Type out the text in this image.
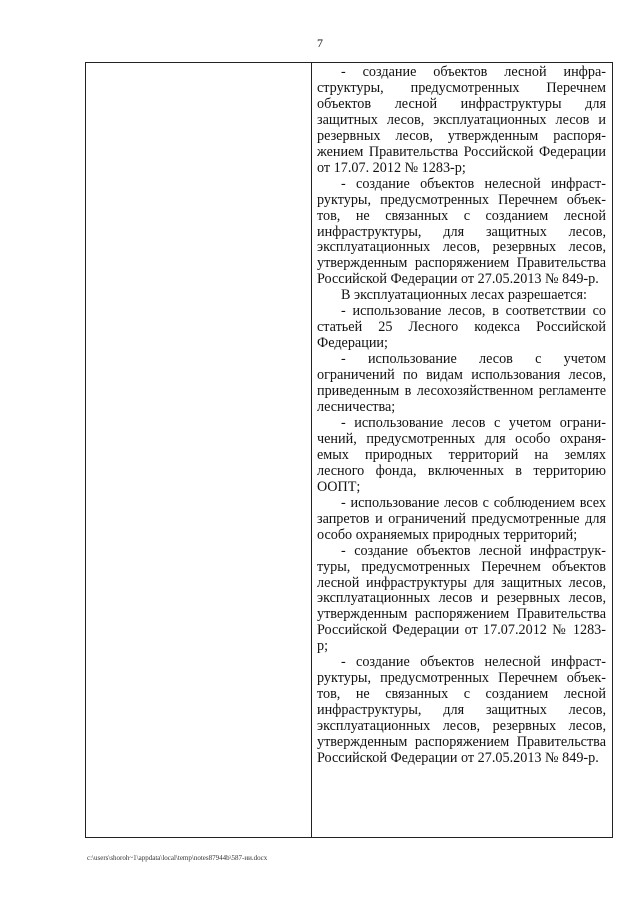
7

- создание объектов лесной инфраструктуры, предусмотренных Перечнем объектов лесной инфраструктуры для защитных лесов, эксплуатационных лесов и резервных лесов, утвержденным распоряжением Правительства Российской Федерации от 17.07. 2012 № 1283-р;

- создание объектов нелесной инфраструктуры, предусмотренных Перечнем объектов, не связанных с созданием лесной инфраструктуры, для защитных лесов, эксплуатационных лесов, резервных лесов, утвержденным распоряжением Правительства Российской Федерации от 27.05.2013 № 849-р.

В эксплуатационных лесах разрешается:

- использование лесов, в соответствии со статьей 25 Лесного кодекса Российской Федерации;

- использование лесов с учетом ограничений по видам использования лесов, приведенным в лесохозяйственном регламенте лесничества;

- использование лесов с учетом ограничений, предусмотренных для особо охраняемых природных территорий на землях лесного фонда, включенных в территорию ООПТ;

- использование лесов с соблюдением всех запретов и ограничений предусмотренные для особо охраняемых природных территорий;

- создание объектов лесной инфраструктуры, предусмотренных Перечнем объектов лесной инфраструктуры для защитных лесов, эксплуатационных лесов и резервных лесов, утвержденным распоряжением Правительства Российской Федерации от 17.07.2012 № 1283-р;

- создание объектов нелесной инфраструктуры, предусмотренных Перечнем объектов, не связанных с созданием лесной инфраструктуры, для защитных лесов, эксплуатационных лесов, резервных лесов, утвержденным распоряжением Правительства Российской Федерации от 27.05.2013 № 849-р.

c:\users\shoroh~1\appdata\local\temp\notes87944b\587-ии.docx
